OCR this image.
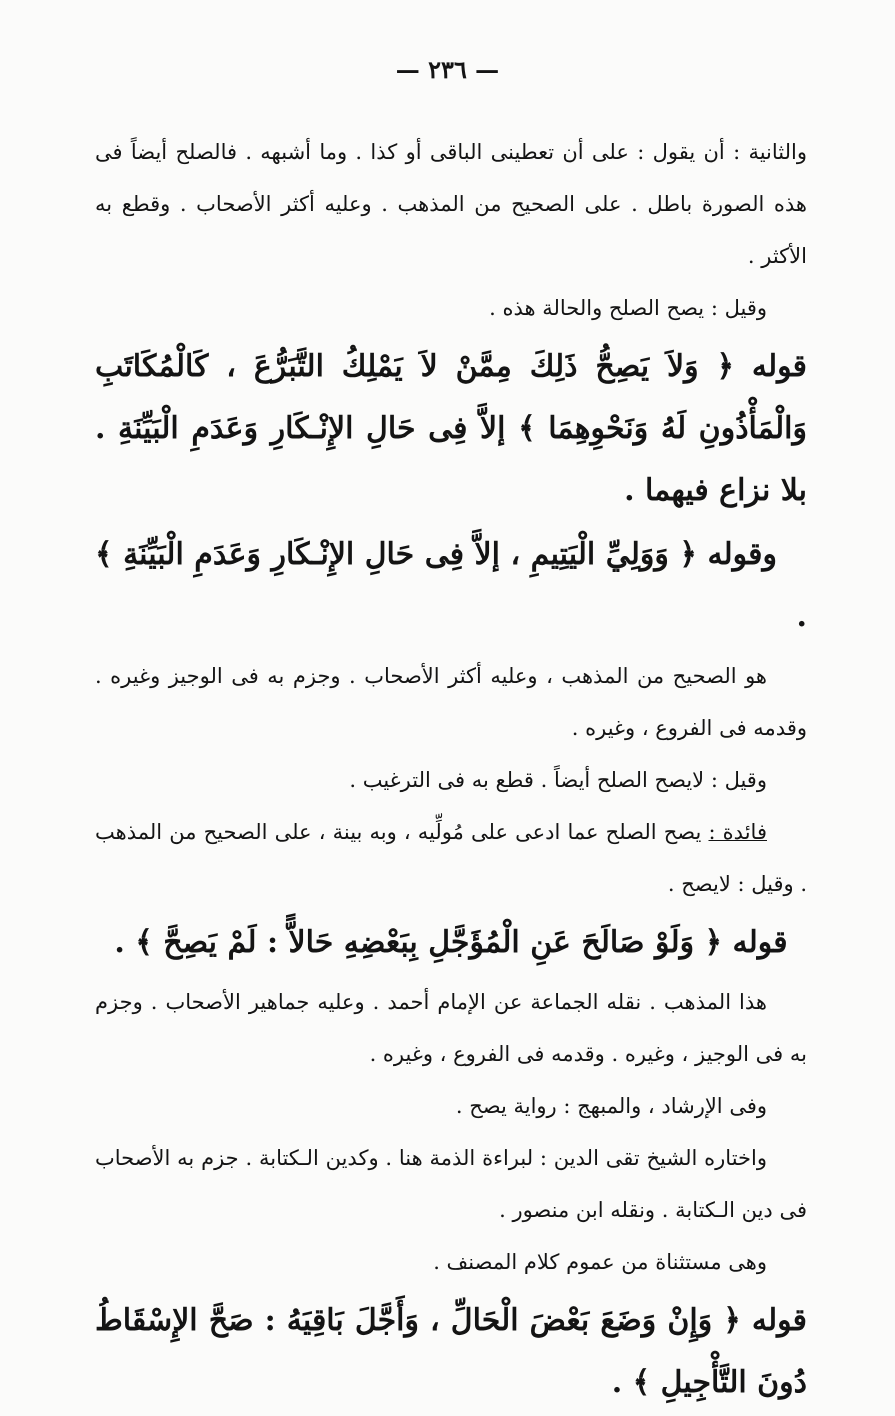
— ٢٣٦ —

والثانية : أن يقول : على أن تعطينى الباقى أو كذا . وما أشبهه . فالصلح أيضاً فى هذه الصورة باطل . على الصحيح من المذهب . وعليه أكثر الأصحاب . وقطع به الأكثر .

وقيل : يصح الصلح والحالة هذه .

قوله ﴿ وَلاَ يَصِحُّ ذَلِكَ مِمَّنْ لاَ يَمْلِكُ التَّبَرُّعَ ، كَالْمُكَاتَبِ وَالْمَأْذُونِ لَهُ وَنَحْوِهِمَا ﴾ إلاَّ فِى حَالِ الإِنْـكَارِ وَعَدَمِ الْبَيِّنَةِ . بلا نزاع فيهما .

وقوله ﴿ وَوَلِيِّ الْيَتِيمِ ، إلاَّ فِى حَالِ الإِنْـكَارِ وَعَدَمِ الْبَيِّنَةِ ﴾ .

هو الصحيح من المذهب ، وعليه أكثر الأصحاب . وجزم به فى الوجيز وغيره . وقدمه فى الفروع ، وغيره .

وقيل : لايصح الصلح أيضاً . قطع به فى الترغيب .

فائدة : يصح الصلح عما ادعى على مُولِّيه ، وبه بينة ، على الصحيح من المذهب . وقيل : لايصح .

قوله ﴿ وَلَوْ صَالَحَ عَنِ الْمُؤَجَّلِ بِبَعْضِهِ حَالاًّ : لَمْ يَصِحَّ ﴾ .

هذا المذهب . نقله الجماعة عن الإمام أحمد . وعليه جماهير الأصحاب . وجزم به فى الوجيز ، وغيره . وقدمه فى الفروع ، وغيره .

وفى الإرشاد ، والمبهج : رواية يصح .

واختاره الشيخ تقى الدين : لبراءة الذمة هنا . وكدين الـكتابة . جزم به الأصحاب فى دين الـكتابة . ونقله ابن منصور .

وهى مستثناة من عموم كلام المصنف .

قوله ﴿ وَإِنْ وَضَعَ بَعْضَ الْحَالِّ ، وَأَجَّلَ بَاقِيَهُ : صَحَّ الإِسْقَاطُ دُونَ التَّأْجِيلِ ﴾ .
